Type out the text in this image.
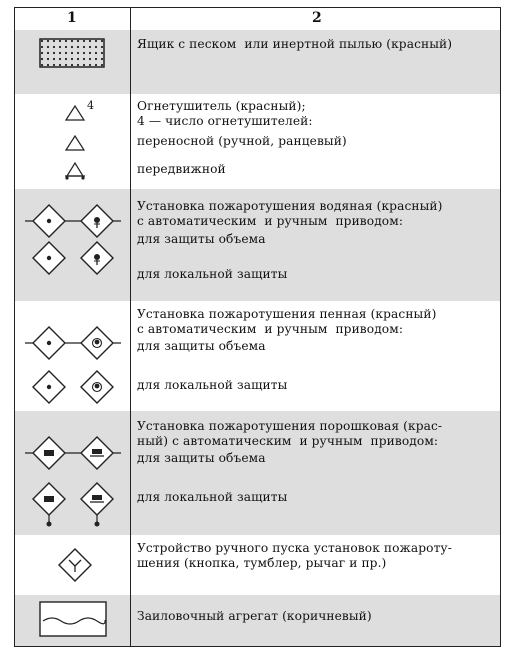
1	2
Ящик с песком  или инертной пылью (красный)
4	Огнетушитель (красный);
4 — число огнетушителей:
переносной (ручной, ранцевый)
передвижной
Установка пожаротушения водяная (красный)
с автоматическим  и ручным  приводом:
для защиты объема
для локальной защиты
Установка пожаротушения пенная (красный)
с автоматическим  и ручным  приводом:
для защиты объема
для локальной защиты
Установка пожаротушения порошковая (крас-
ный) с автоматическим  и ручным  приводом:
для защиты объема
для локальной защиты
Устройство ручного пуска установок пожароту-
шения (кнопка, тумблер, рычаг и пр.)
Заиловочный агрегат (коричневый)
